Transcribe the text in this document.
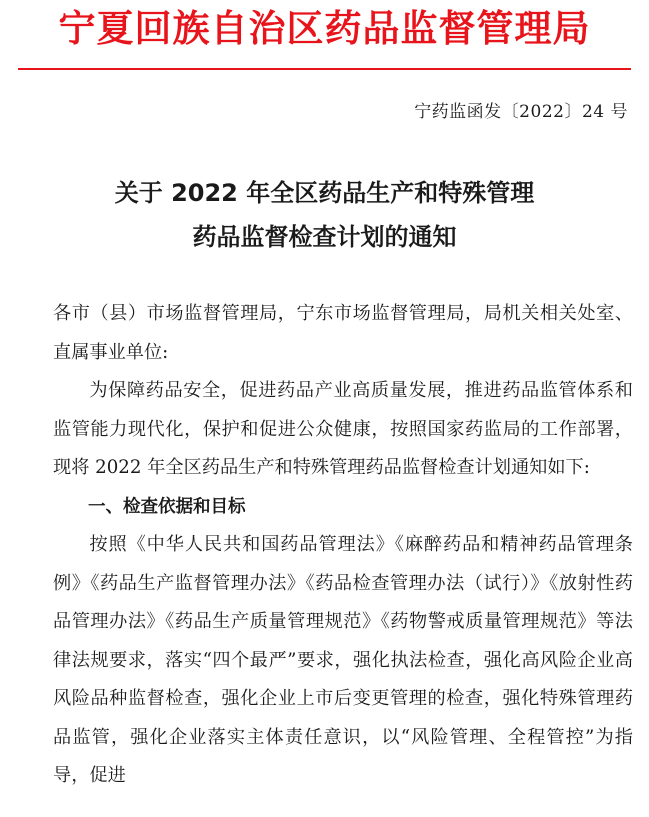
宁夏回族自治区药品监督管理局
宁药监函发〔2022〕24 号
关于 2022 年全区药品生产和特殊管理
药品监督检查计划的通知

各市（县）市场监督管理局，宁东市场监督管理局，局机关相关处室、直属事业单位:

为保障药品安全，促进药品产业高质量发展，推进药品监管体系和监管能力现代化，保护和促进公众健康，按照国家药监局的工作部署，现将 2022 年全区药品生产和特殊管理药品监督检查计划通知如下:

一、检查依据和目标

按照《中华人民共和国药品管理法》《麻醉药品和精神药品管理条例》《药品生产监督管理办法》《药品检查管理办法（试行）》《放射性药品管理办法》《药品生产质量管理规范》《药物警戒质量管理规范》等法律法规要求，落实“四个最严”要求，强化执法检查，强化高风险企业高风险品种监督检查，强化企业上市后变更管理的检查，强化特殊管理药品监管，强化企业落实主体责任意识，以“风险管理、全程管控”为指导，促进
